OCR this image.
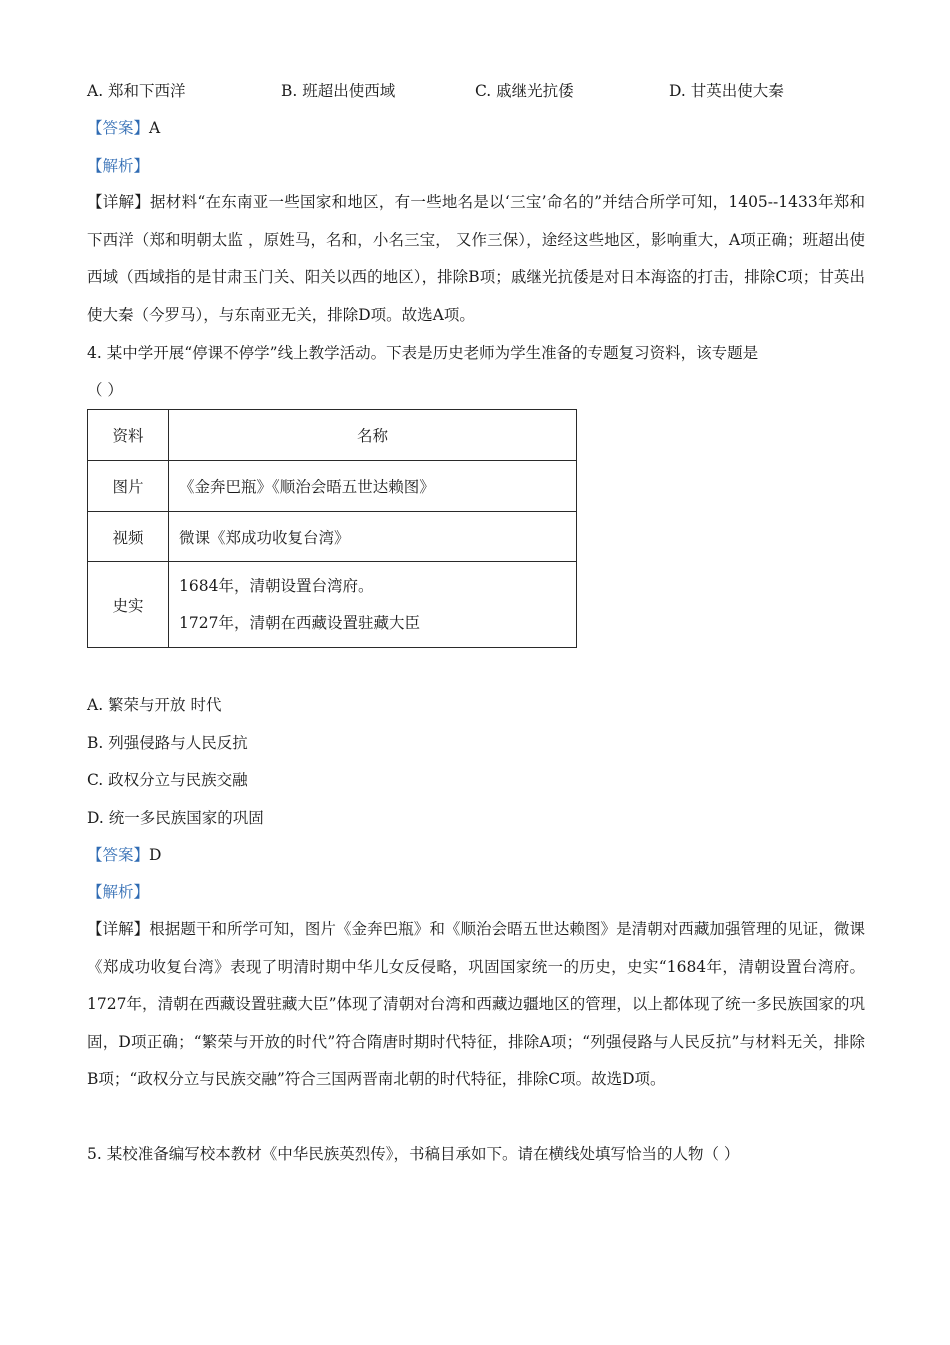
A. 郑和下西洋	B. 班超出使西域	C. 戚继光抗倭	D. 甘英出使大秦
【答案】A
【解析】
【详解】据材料“在东南亚一些国家和地区，有一些地名是以‘三宝’命名的”并结合所学可知，1405--1433年郑和下西洋（郑和明朝太监 ，原姓马，名和，小名三宝， 又作三保），途经这些地区，影响重大，A项正确；班超出使西域（西域指的是甘肃玉门关、阳关以西的地区），排除B项；戚继光抗倭是对日本海盗的打击，排除C项；甘英出使大秦（今罗马），与东南亚无关，排除D项。故选A项。
4. 某中学开展“停课不停学”线上教学活动。下表是历史老师为学生准备的专题复习资料，该专题是
（ ）
资料	名称
图片	《金奔巴瓶》《顺治会晤五世达赖图》
视频	微课《郑成功收复台湾》
史实	1684年，清朝设置台湾府。
1727年，清朝在西藏设置驻藏大臣
A. 繁荣与开放 时代
B. 列强侵路与人民反抗
C. 政权分立与民族交融
D. 统一多民族国家的巩固
【答案】D
【解析】
【详解】根据题干和所学可知，图片《金奔巴瓶》和《顺治会晤五世达赖图》是清朝对西藏加强管理的见证，微课《郑成功收复台湾》表现了明清时期中华儿女反侵略，巩固国家统一的历史，史实“1684年，清朝设置台湾府。1727年，清朝在西藏设置驻藏大臣”体现了清朝对台湾和西藏边疆地区的管理，以上都体现了统一多民族国家的巩固，D项正确；“繁荣与开放的时代”符合隋唐时期时代特征，排除A项；“列强侵路与人民反抗”与材料无关，排除B项；“政权分立与民族交融”符合三国两晋南北朝的时代特征，排除C项。故选D项。
5. 某校准备编写校本教材《中华民族英烈传》，书稿目承如下。请在横线处填写恰当的人物（ ）
